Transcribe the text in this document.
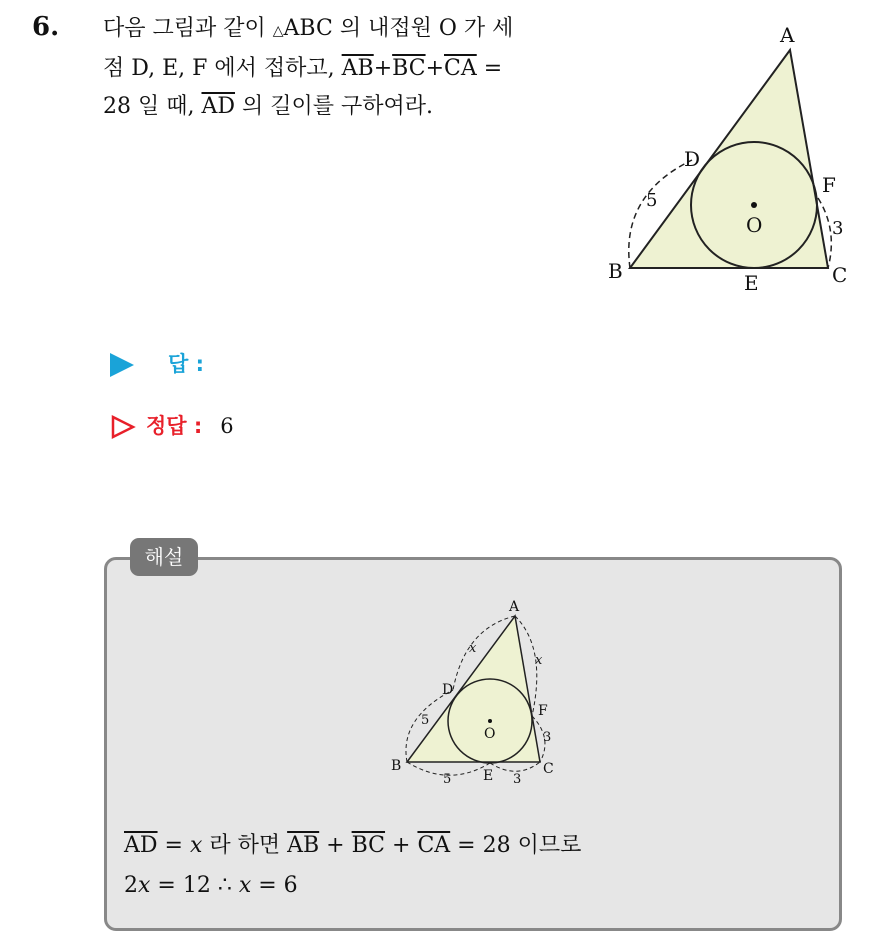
6. 다음 그림과 같이 △ABC 의 내접원 O 가 세
점 D, E, F 에서 접하고, $\overline{AB}+\overline{BC}+\overline{CA}$ =
28 일 때, $\overline{AD}$ 의 길이를 구하여라.
A
B	C
D
E
F
O
5
3
답 :
정답 : 6
해설
A
B	C
D
E
F
O
5
3
5	3
x
x
$\overline{AD} = x$ 라 하면 $\overline{AB} + \overline{BC} + \overline{CA} = 28$ 이므로
2x = 12 ∴ x = 6
